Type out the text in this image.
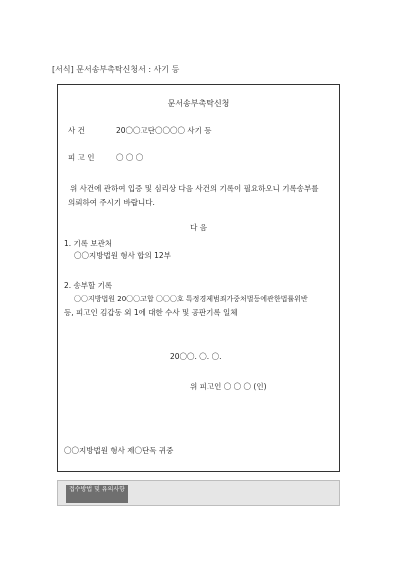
[서식] 문서송부촉탁신청서 : 사기 등
문서송부촉탁신청
사 건	20〇〇고단〇〇〇〇 사기 등
피 고 인	〇 〇 〇
위 사건에 관하여 입증 및 심리상 다음 사건의 기록이 필요하오니 기록송부를
의뢰하여 주시기 바랍니다.
다 음
1. 기록 보관처
〇〇지방법원 형사 합의 12부
2. 송부할 기록
〇〇지방법원 20〇〇고합 〇〇〇호 특정경제범죄가중처벌등에관한법률위반
등, 피고인 김갑동 외 1에 대한 수사 및 공판기록 일체
20〇〇. 〇. 〇.
위 피고인 〇 〇 〇 (인)
〇〇지방법원 형사 제〇단독 귀중
접수방법 및 유의사항
